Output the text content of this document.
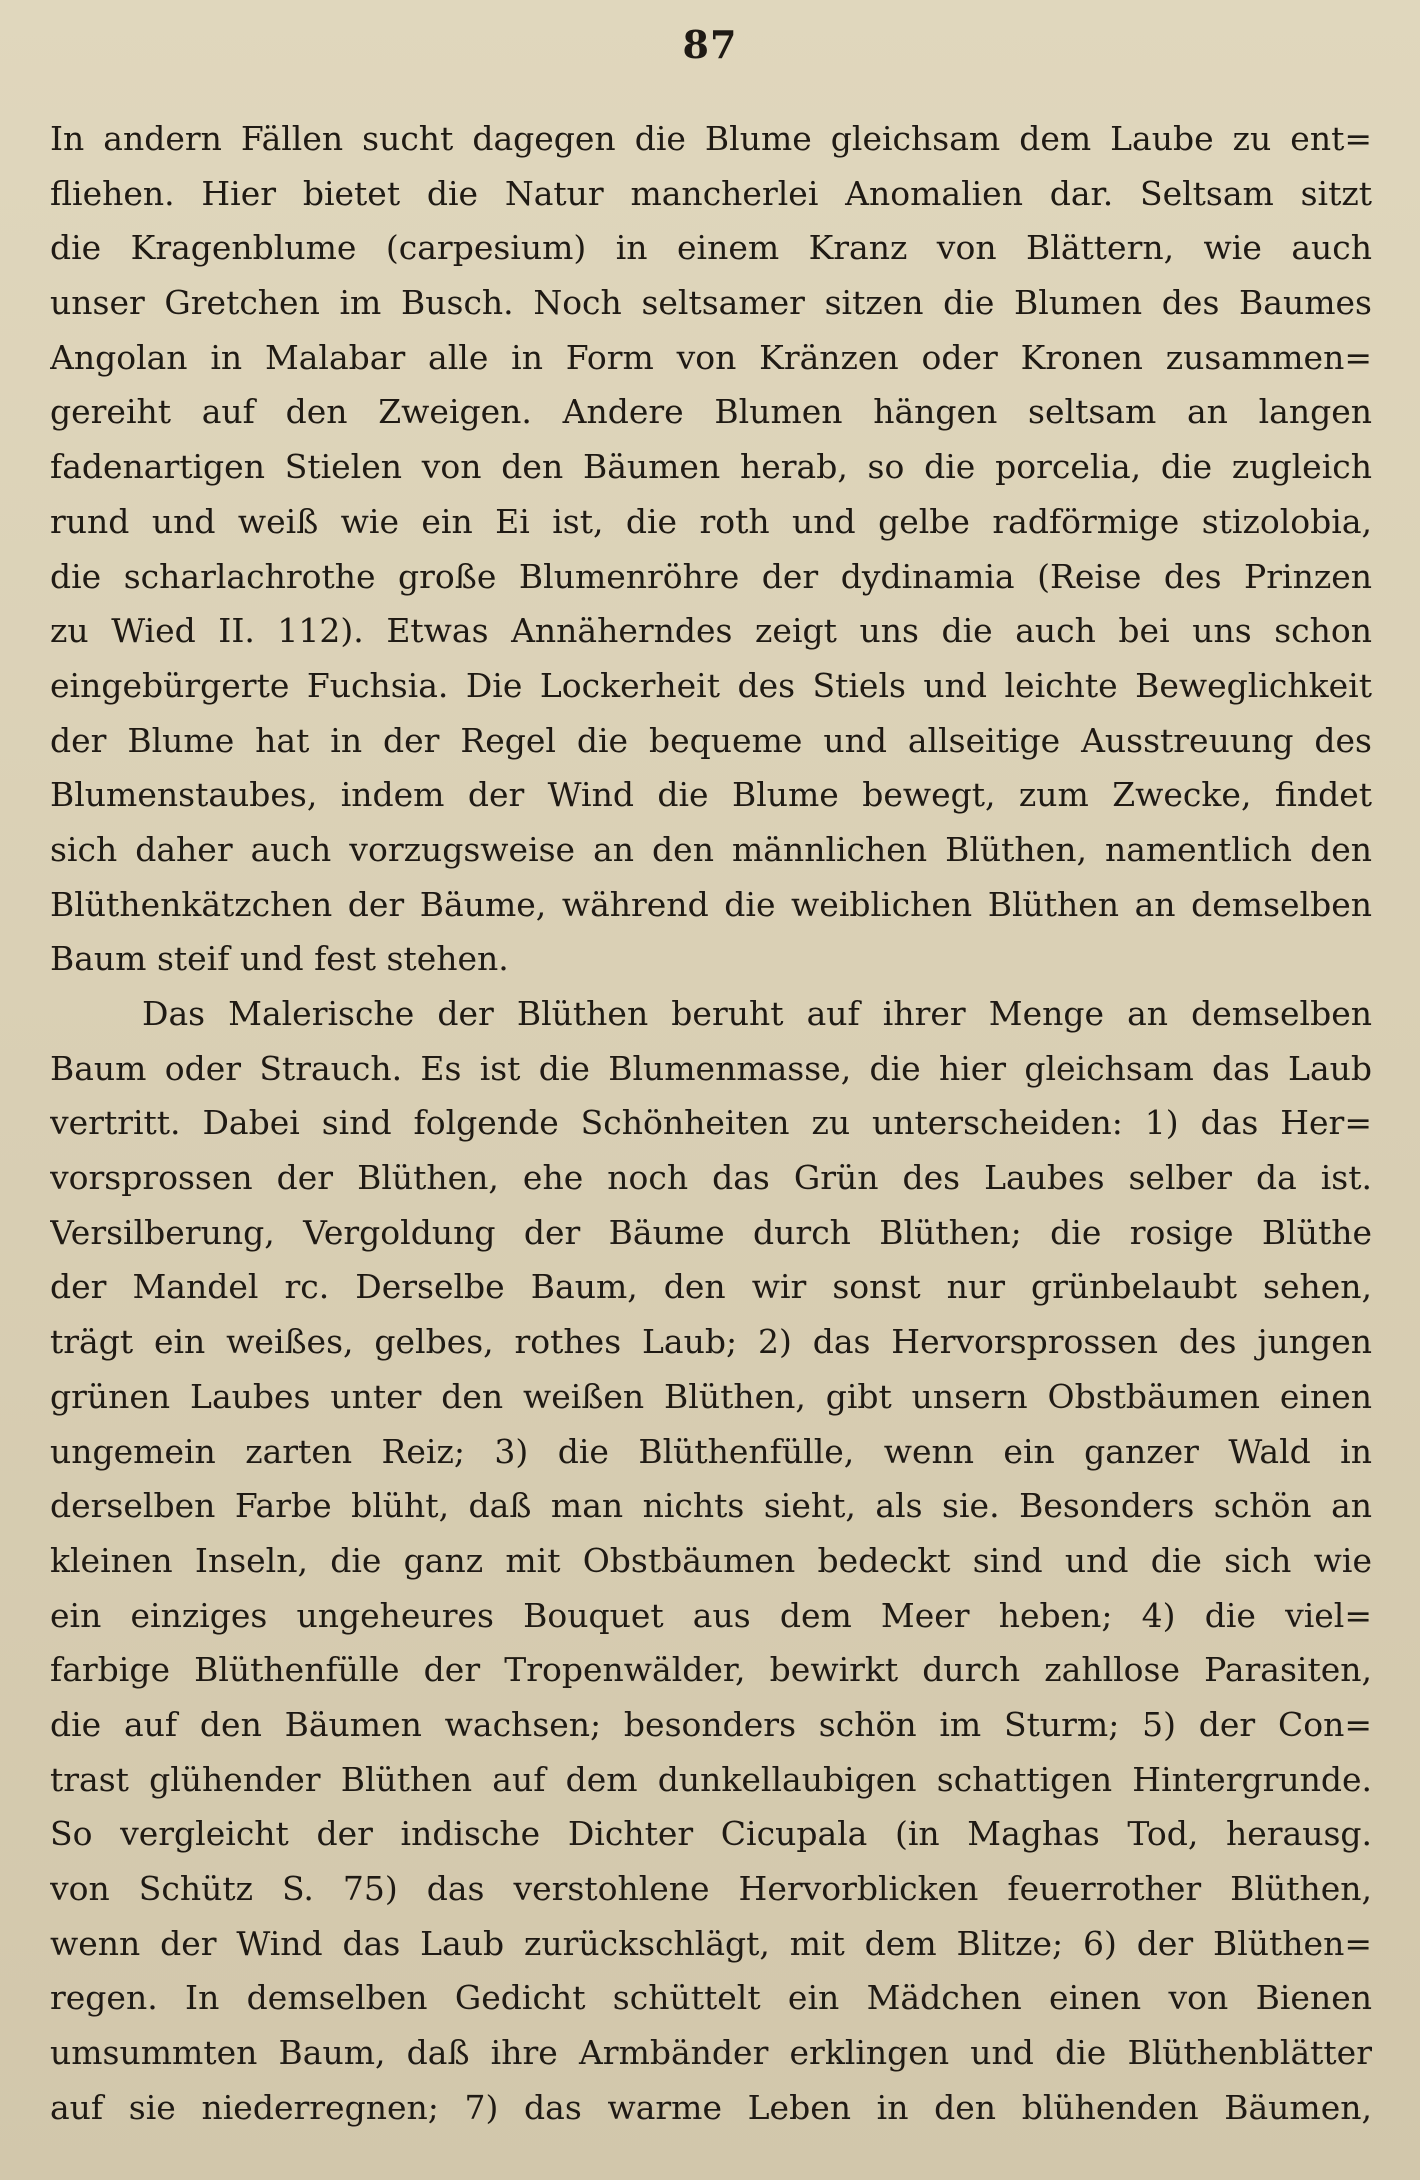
87
In andern Fällen sucht dagegen die Blume gleichsam dem Laube zu ent=
fliehen. Hier bietet die Natur mancherlei Anomalien dar. Seltsam sitzt
die Kragenblume (carpesium) in einem Kranz von Blättern, wie auch
unser Gretchen im Busch. Noch seltsamer sitzen die Blumen des Baumes
Angolan in Malabar alle in Form von Kränzen oder Kronen zusammen=
gereiht auf den Zweigen. Andere Blumen hängen seltsam an langen
fadenartigen Stielen von den Bäumen herab, so die porcelia, die zugleich
rund und weiß wie ein Ei ist, die roth und gelbe radförmige stizolobia,
die scharlachrothe große Blumenröhre der dydinamia (Reise des Prinzen
zu Wied II. 112). Etwas Annäherndes zeigt uns die auch bei uns schon
eingebürgerte Fuchsia. Die Lockerheit des Stiels und leichte Beweglichkeit
der Blume hat in der Regel die bequeme und allseitige Ausstreuung des
Blumenstaubes, indem der Wind die Blume bewegt, zum Zwecke, findet
sich daher auch vorzugsweise an den männlichen Blüthen, namentlich den
Blüthenkätzchen der Bäume, während die weiblichen Blüthen an demselben
Baum steif und fest stehen.
Das Malerische der Blüthen beruht auf ihrer Menge an demselben
Baum oder Strauch. Es ist die Blumenmasse, die hier gleichsam das Laub
vertritt. Dabei sind folgende Schönheiten zu unterscheiden: 1) das Her=
vorsprossen der Blüthen, ehe noch das Grün des Laubes selber da ist.
Versilberung, Vergoldung der Bäume durch Blüthen; die rosige Blüthe
der Mandel rc. Derselbe Baum, den wir sonst nur grünbelaubt sehen,
trägt ein weißes, gelbes, rothes Laub; 2) das Hervorsprossen des jungen
grünen Laubes unter den weißen Blüthen, gibt unsern Obstbäumen einen
ungemein zarten Reiz; 3) die Blüthenfülle, wenn ein ganzer Wald in
derselben Farbe blüht, daß man nichts sieht, als sie. Besonders schön an
kleinen Inseln, die ganz mit Obstbäumen bedeckt sind und die sich wie
ein einziges ungeheures Bouquet aus dem Meer heben; 4) die viel=
farbige Blüthenfülle der Tropenwälder, bewirkt durch zahllose Parasiten,
die auf den Bäumen wachsen; besonders schön im Sturm; 5) der Con=
trast glühender Blüthen auf dem dunkellaubigen schattigen Hintergrunde.
So vergleicht der indische Dichter Cicupala (in Maghas Tod, herausg.
von Schütz S. 75) das verstohlene Hervorblicken feuerrother Blüthen,
wenn der Wind das Laub zurückschlägt, mit dem Blitze; 6) der Blüthen=
regen. In demselben Gedicht schüttelt ein Mädchen einen von Bienen
umsummten Baum, daß ihre Armbänder erklingen und die Blüthenblätter
auf sie niederregnen; 7) das warme Leben in den blühenden Bäumen,
